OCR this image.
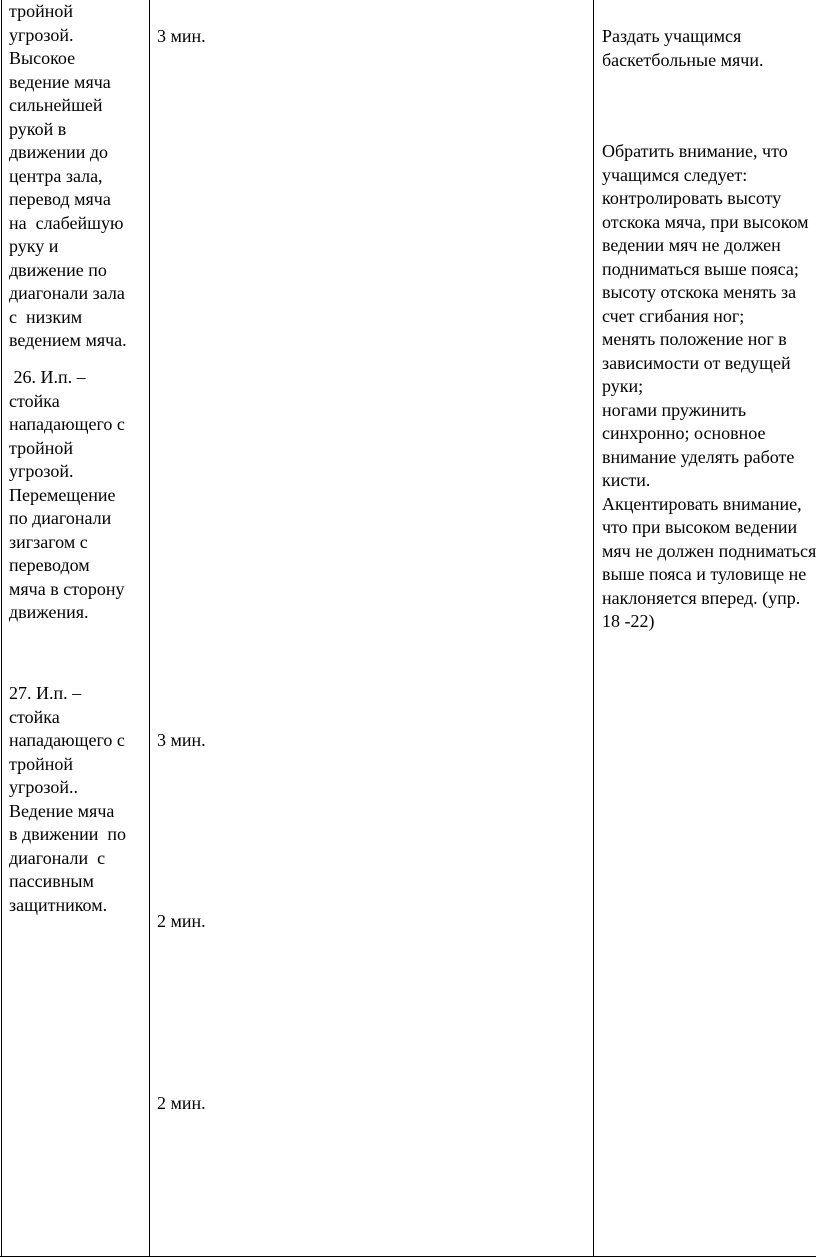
тройной
угрозой.
Высокое
ведение мяча
сильнейшей
рукой в
движении до
центра зала,
перевод мяча
на  слабейшую
руку и
движение по
диагонали зала
с  низким
ведением мяча.
26. И.п. –
стойка
нападающего с
тройной
угрозой.
Перемещение
по диагонали
зигзагом с
переводом
мяча в сторону
движения.
27. И.п. –
стойка
нападающего с
тройной
угрозой..
Ведение мяча
в движении  по
диагонали  с
пассивным
защитником.
3 мин.
3 мин.
2 мин.
2 мин.
Раздать учащимся
баскетбольные мячи.
Обратить внимание, что
учащимся следует:
контролировать высоту
отскока мяча, при высоком
ведении мяч не должен
подниматься выше пояса;
высоту отскока менять за
счет сгибания ног;
менять положение ног в
зависимости от ведущей
руки;
ногами пружинить
синхронно; основное
внимание уделять работе
кисти.
Акцентировать внимание,
что при высоком ведении
мяч не должен подниматься
выше пояса и туловище не
наклоняется вперед. (упр.
18 -22)
